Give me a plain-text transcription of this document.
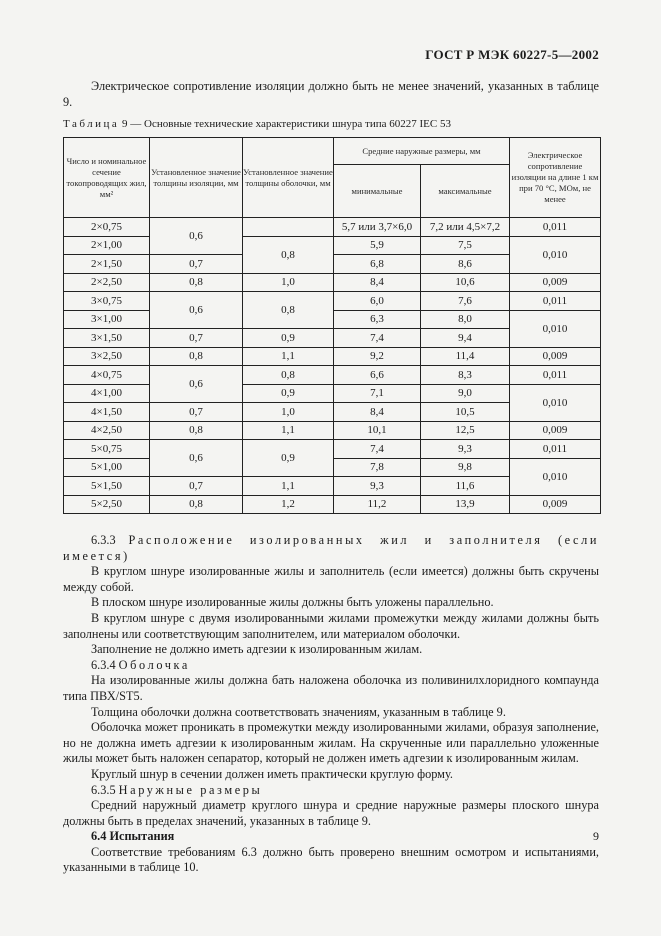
ГОСТ Р МЭК 60227-5—2002
Электрическое сопротивление изоляции должно быть не менее значений, указанных в таблице 9.
Таблица 9 — Основные технические характеристики шнура типа 60227 IEC 53
Число и номинальное сечение токопроводящих жил, мм²	Установленное значение толщины изоляции, мм	Установленное значение толщины оболочки, мм	Средние наружные размеры, мм		Электрическое сопротивление изоляции на длине 1 км при 70 °С, МОм, не менее
			минимальные	максимальные	
2×0,75	0,6		5,7 или 3,7×6,0	7,2 или 4,5×7,2	0,011
2×1,00		0,8	5,9	7,5	0,010
2×1,50	0,7		6,8	8,6	
2×2,50	0,8	1,0	8,4	10,6	0,009
3×0,75	0,6	0,8	6,0	7,6	0,011
3×1,00			6,3	8,0	0,010
3×1,50	0,7	0,9	7,4	9,4	
3×2,50	0,8	1,1	9,2	11,4	0,009
4×0,75	0,6	0,8	6,6	8,3	0,011
4×1,00		0,9	7,1	9,0	0,010
4×1,50	0,7	1,0	8,4	10,5	
4×2,50	0,8	1,1	10,1	12,5	0,009
5×0,75	0,6	0,9	7,4	9,3	0,011
5×1,00			7,8	9,8	0,010
5×1,50	0,7	1,1	9,3	11,6	
5×2,50	0,8	1,2	11,2	13,9	0,009

6.3.3 Расположение изолированных жил и заполнителя (если имеется)

В круглом шнуре изолированные жилы и заполнитель (если имеется) должны быть скручены между собой.

В плоском шнуре изолированные жилы должны быть уложены параллельно.

В круглом шнуре с двумя изолированными жилами промежутки между жилами должны быть заполнены или соответствующим заполнителем, или материалом оболочки.

Заполнение не должно иметь адгезии к изолированным жилам.

6.3.4 Оболочка

На изолированные жилы должна бать наложена оболочка из поливинилхлоридного компаунда типа ПВХ/ST5.

Толщина оболочки должна соответствовать значениям, указанным в таблице 9.

Оболочка может проникать в промежутки между изолированными жилами, образуя заполнение, но не должна иметь адгезии к изолированным жилам. На скрученные или параллельно уложенные жилы может быть наложен сепаратор, который не должен иметь адгезии к изолированным жилам.

Круглый шнур в сечении должен иметь практически круглую форму.

6.3.5 Наружные размеры

Средний наружный диаметр круглого шнура и средние наружные размеры плоского шнура должны быть в пределах значений, указанных в таблице 9.

6.4 Испытания

Соответствие требованиям 6.3 должно быть проверено внешним осмотром и испытаниями, указанными в таблице 10.

9
